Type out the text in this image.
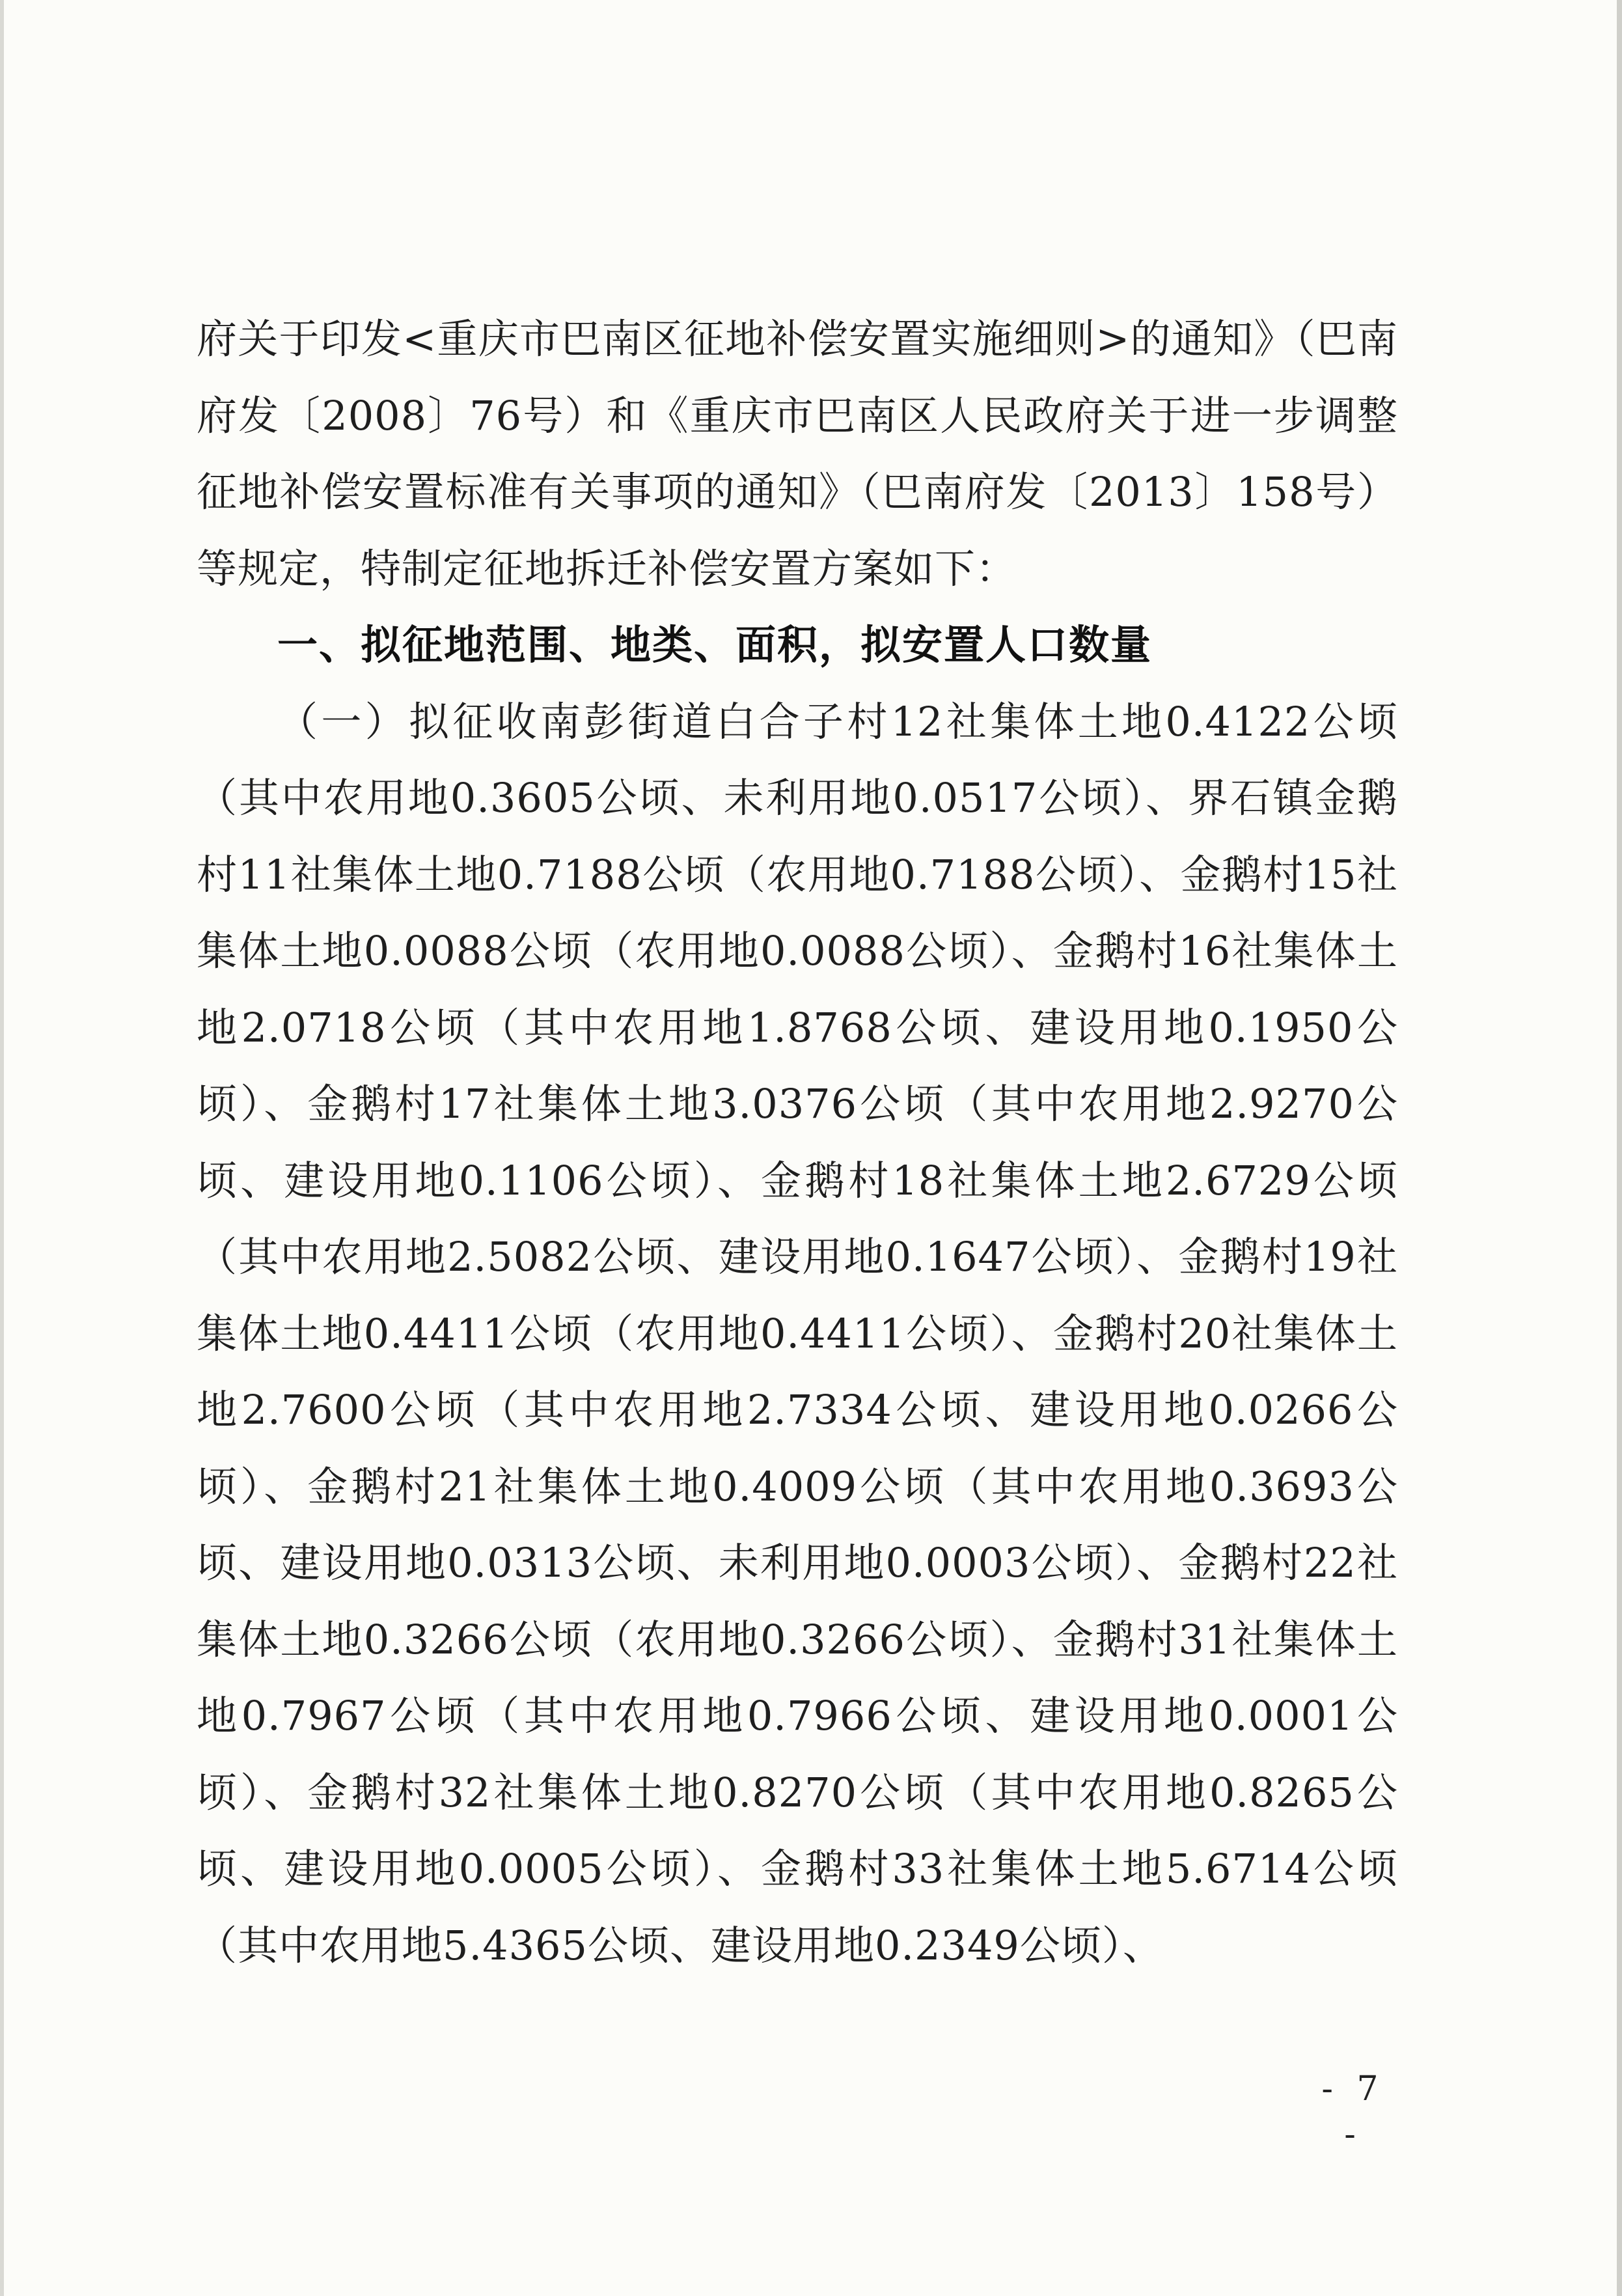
府关于印发<重庆市巴南区征地补偿安置实施细则>的通知》（巴南府发〔2008〕76号）和《重庆市巴南区人民政府关于进一步调整征地补偿安置标准有关事项的通知》（巴南府发〔2013〕158号）等规定，特制定征地拆迁补偿安置方案如下：

一、拟征地范围、地类、面积，拟安置人口数量

（一）拟征收南彭街道白合子村12社集体土地0.4122公顷（其中农用地0.3605公顷、未利用地0.0517公顷）、界石镇金鹅村11社集体土地0.7188公顷（农用地0.7188公顷）、金鹅村15社集体土地0.0088公顷（农用地0.0088公顷）、金鹅村16社集体土地2.0718公顷（其中农用地1.8768公顷、建设用地0.1950公顷）、金鹅村17社集体土地3.0376公顷（其中农用地2.9270公顷、建设用地0.1106公顷）、金鹅村18社集体土地2.6729公顷（其中农用地2.5082公顷、建设用地0.1647公顷）、金鹅村19社集体土地0.4411公顷（农用地0.4411公顷）、金鹅村20社集体土地2.7600公顷（其中农用地2.7334公顷、建设用地0.0266公顷）、金鹅村21社集体土地0.4009公顷（其中农用地0.3693公顷、建设用地0.0313公顷、未利用地0.0003公顷）、金鹅村22社集体土地0.3266公顷（农用地0.3266公顷）、金鹅村31社集体土地0.7967公顷（其中农用地0.7966公顷、建设用地0.0001公顷）、金鹅村32社集体土地0.8270公顷（其中农用地0.8265公顷、建设用地0.0005公顷）、金鹅村33社集体土地5.6714公顷（其中农用地5.4365公顷、建设用地0.2349公顷）、

- 7 -
